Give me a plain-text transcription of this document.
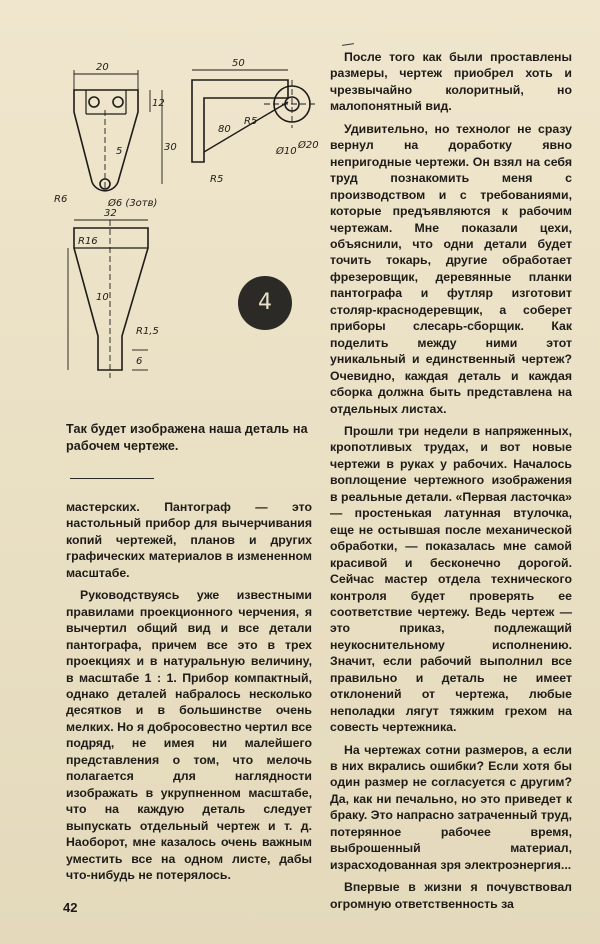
20
12
5	30
R6	Ø6 (3отв)
50
R5
80
Ø10
Ø20
R5
32
R16
10
R1,5
6
4
Так будет изображена наша деталь на рабочем чертеже.

мастерских. Пантограф — это настольный прибор для вычерчивания копий чертежей, планов и других графических материалов в измененном масштабе.

Руководствуясь уже известными правилами проекционного черчения, я вычертил общий вид и все детали пантографа, причем все это в трех проекциях и в натуральную величину, в масштабе 1 : 1. Прибор компактный, однако деталей набралось несколько десятков и в большинстве очень мелких. Но я добросовестно чертил все подряд, не имея ни малейшего представления о том, что мелочь полагается для наглядности изображать в укрупненном масштабе, что на каждую деталь следует выпускать отдельный чертеж и т. д. Наоборот, мне казалось очень важным уместить все на одном листе, дабы что-нибудь не потерялось.

После того как были проставлены размеры, чертеж приобрел хоть и чрезвычайно колоритный, но малопонятный вид.

Удивительно, но технолог не сразу вернул на доработку явно непригодные чертежи. Он взял на себя труд познакомить меня с производством и с требованиями, которые предъявляются к рабочим чертежам. Мне показали цехи, объяснили, что одни детали будет точить токарь, другие обработает фрезеровщик, деревянные планки пантографа и футляр изготовит столяр-краснодеревщик, а соберет приборы слесарь-сборщик. Как поделить между ними этот уникальный и единственный чертеж? Очевидно, каждая деталь и каждая сборка должна быть представлена на отдельных листах.

Прошли три недели в напряженных, кропотливых трудах, и вот новые чертежи в руках у рабочих. Началось воплощение чертежного изображения в реальные детали. «Первая ласточка» — простенькая латунная втулочка, еще не остывшая после механической обработки, — показалась мне самой красивой и бесконечно дорогой. Сейчас мастер отдела технического контроля будет проверять ее соответствие чертежу. Ведь чертеж — это приказ, подлежащий неукоснительному исполнению. Значит, если рабочий выполнил все правильно и деталь не имеет отклонений от чертежа, любые неполадки лягут тяжким грехом на совесть чертежника.

На чертежах сотни размеров, а если в них вкрались ошибки? Если хотя бы один размер не согласуется с другим? Да, как ни печально, но это приведет к браку. Это напрасно затраченный труд, потерянное рабочее время, выброшенный материал, израсходованная зря электроэнергия...

Впервые в жизни я почувствовал огромную ответственность за

42
